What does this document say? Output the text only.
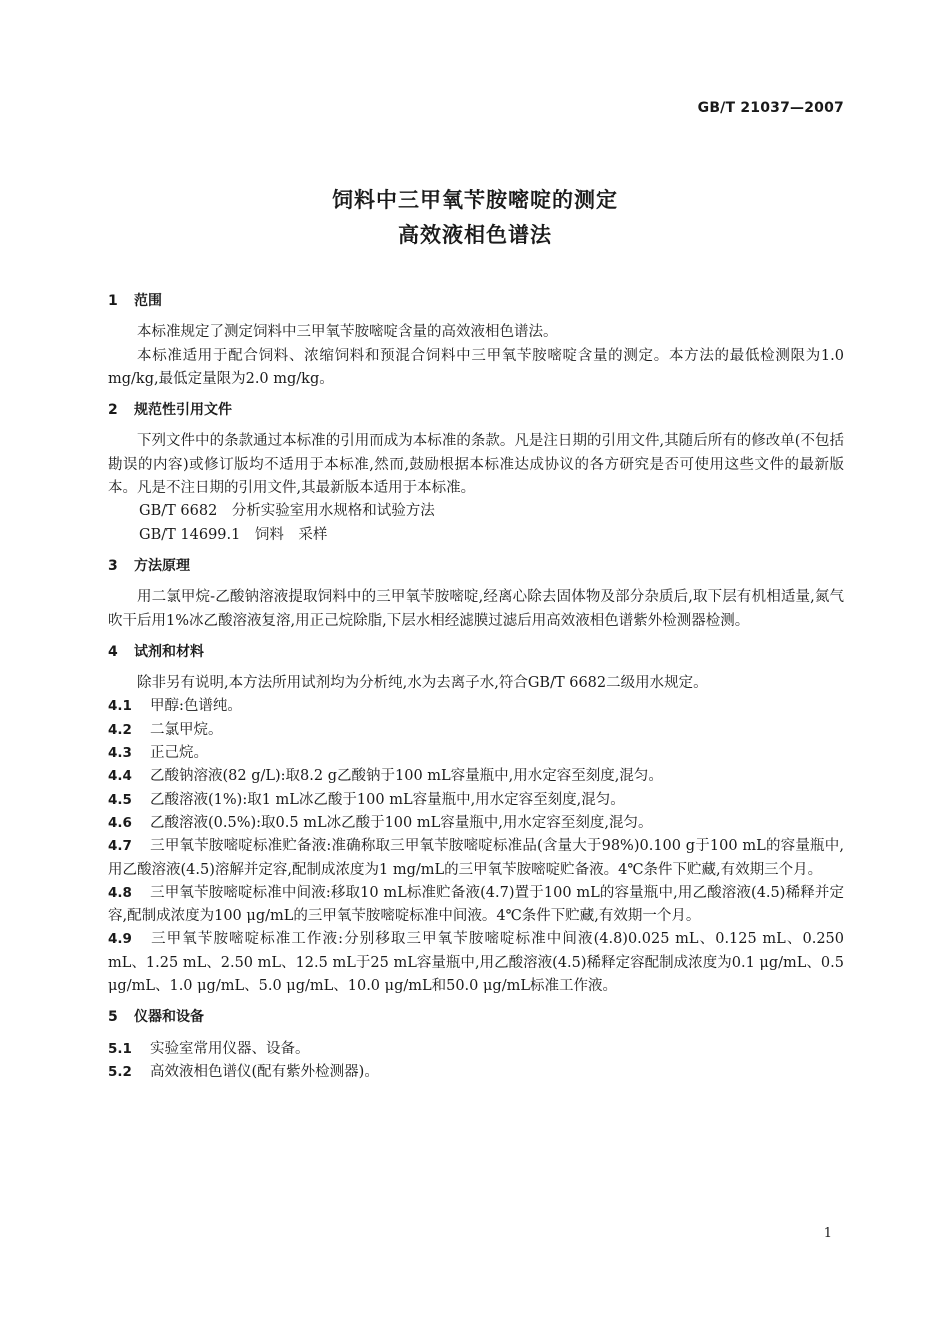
GB/T 21037—2007
饲料中三甲氧苄胺嘧啶的测定
高效液相色谱法
1 范围

本标准规定了测定饲料中三甲氧苄胺嘧啶含量的高效液相色谱法。

本标准适用于配合饲料、浓缩饲料和预混合饲料中三甲氧苄胺嘧啶含量的测定。本方法的最低检测限为1.0 mg/kg,最低定量限为2.0 mg/kg。

2 规范性引用文件

下列文件中的条款通过本标准的引用而成为本标准的条款。凡是注日期的引用文件,其随后所有的修改单(不包括勘误的内容)或修订版均不适用于本标准,然而,鼓励根据本标准达成协议的各方研究是否可使用这些文件的最新版本。凡是不注日期的引用文件,其最新版本适用于本标准。

GB/T 6682　分析实验室用水规格和试验方法

GB/T 14699.1　饲料　采样

3 方法原理

用二氯甲烷-乙酸钠溶液提取饲料中的三甲氧苄胺嘧啶,经离心除去固体物及部分杂质后,取下层有机相适量,氮气吹干后用1%冰乙酸溶液复溶,用正己烷除脂,下层水相经滤膜过滤后用高效液相色谱紫外检测器检测。

4 试剂和材料

除非另有说明,本方法所用试剂均为分析纯,水为去离子水,符合GB/T 6682二级用水规定。

4.1 甲醇:色谱纯。

4.2 二氯甲烷。

4.3 正己烷。

4.4 乙酸钠溶液(82 g/L):取8.2 g乙酸钠于100 mL容量瓶中,用水定容至刻度,混匀。

4.5 乙酸溶液(1%):取1 mL冰乙酸于100 mL容量瓶中,用水定容至刻度,混匀。

4.6 乙酸溶液(0.5%):取0.5 mL冰乙酸于100 mL容量瓶中,用水定容至刻度,混匀。

4.7 三甲氧苄胺嘧啶标准贮备液:准确称取三甲氧苄胺嘧啶标准品(含量大于98%)0.100 g于100 mL的容量瓶中,用乙酸溶液(4.5)溶解并定容,配制成浓度为1 mg/mL的三甲氧苄胺嘧啶贮备液。4℃条件下贮藏,有效期三个月。

4.8 三甲氧苄胺嘧啶标准中间液:移取10 mL标准贮备液(4.7)置于100 mL的容量瓶中,用乙酸溶液(4.5)稀释并定容,配制成浓度为100 μg/mL的三甲氧苄胺嘧啶标准中间液。4℃条件下贮藏,有效期一个月。

4.9 三甲氧苄胺嘧啶标准工作液:分别移取三甲氧苄胺嘧啶标准中间液(4.8)0.025 mL、0.125 mL、0.250 mL、1.25 mL、2.50 mL、12.5 mL于25 mL容量瓶中,用乙酸溶液(4.5)稀释定容配制成浓度为0.1 μg/mL、0.5 μg/mL、1.0 μg/mL、5.0 μg/mL、10.0 μg/mL和50.0 μg/mL标准工作液。

5 仪器和设备

5.1 实验室常用仪器、设备。

5.2 高效液相色谱仪(配有紫外检测器)。

1
